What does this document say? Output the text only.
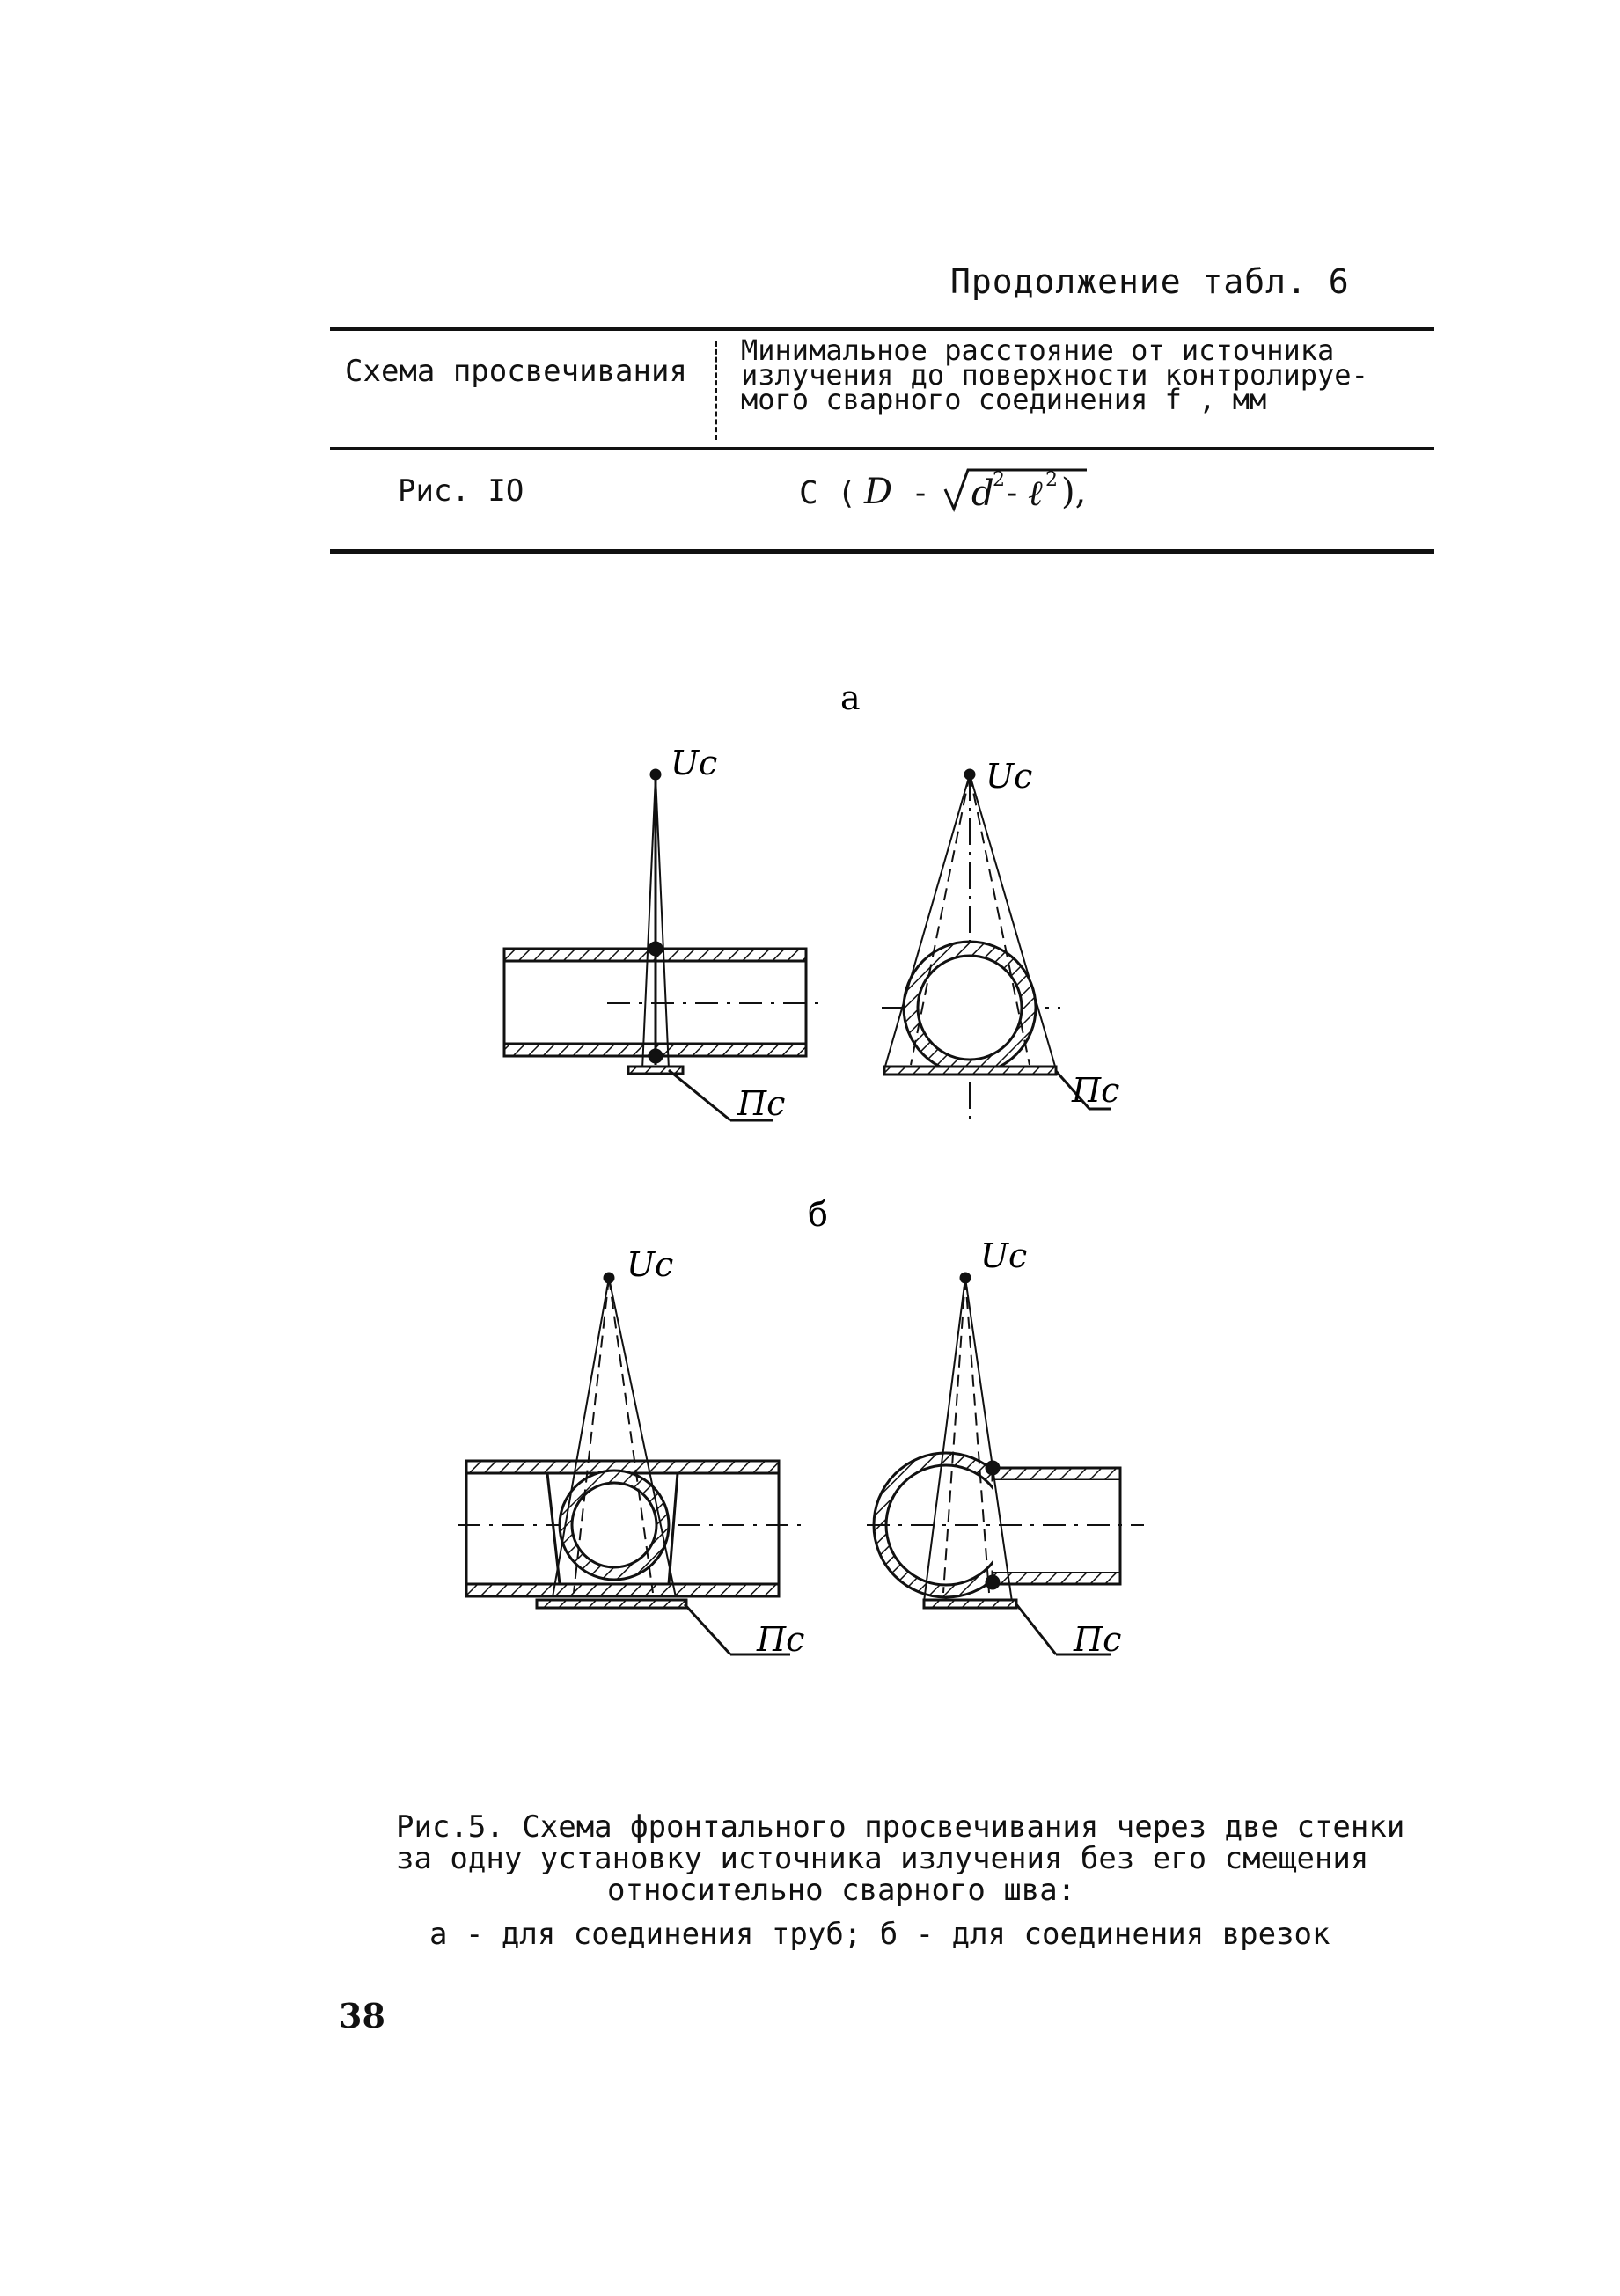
Продолжение табл. 6
Схема просвечивания
Минимальное расстояние от источника
излучения до поверхности контролируе-
мого сварного соединения f , мм
Рис. IO	C ( D - d
2 - ℓ 2 ),
а
б
Uс
Пс
Uс
Пс
Uс
Пс
Uс
Пс
Рис.5. Схема фронтального просвечивания через две стенки
за одну установку источника излучения без его смещения
относительно сварного шва:
а - для соединения труб; б - для соединения врезок
38
